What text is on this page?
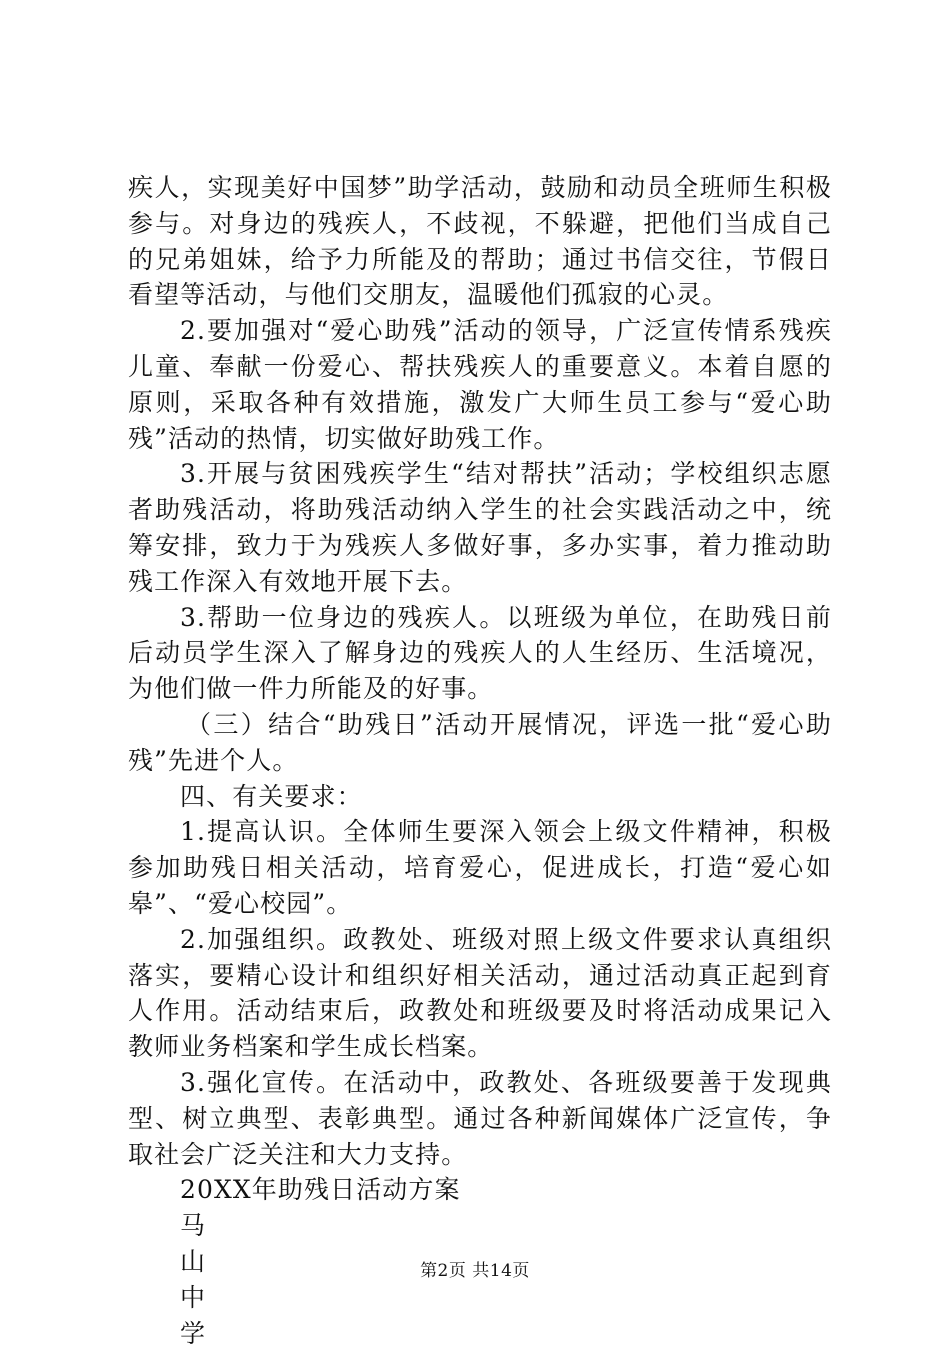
疾人，实现美好中国梦”助学活动，鼓励和动员全班师生积极参与。对身边的残疾人，不歧视，不躲避，把他们当成自己的兄弟姐妹，给予力所能及的帮助；通过书信交往，节假日看望等活动，与他们交朋友，温暖他们孤寂的心灵。

2.要加强对“爱心助残”活动的领导，广泛宣传情系残疾儿童、奉献一份爱心、帮扶残疾人的重要意义。本着自愿的原则，采取各种有效措施，激发广大师生员工参与“爱心助残”活动的热情，切实做好助残工作。

3.开展与贫困残疾学生“结对帮扶”活动；学校组织志愿者助残活动，将助残活动纳入学生的社会实践活动之中，统筹安排，致力于为残疾人多做好事，多办实事，着力推动助残工作深入有效地开展下去。

3.帮助一位身边的残疾人。以班级为单位，在助残日前后动员学生深入了解身边的残疾人的人生经历、生活境况，为他们做一件力所能及的好事。

（三）结合“助残日”活动开展情况，评选一批“爱心助残”先进个人。

四、有关要求：

1.提高认识。全体师生要深入领会上级文件精神，积极参加助残日相关活动，培育爱心，促进成长，打造“爱心如皋”、“爱心校园”。

2.加强组织。政教处、班级对照上级文件要求认真组织落实，要精心设计和组织好相关活动，通过活动真正起到育人作用。活动结束后，政教处和班级要及时将活动成果记入教师业务档案和学生成长档案。

3.强化宣传。在活动中，政教处、各班级要善于发现典型、树立典型、表彰典型。通过各种新闻媒体广泛宣传，争取社会广泛关注和大力支持。

20XX年助残日活动方案

马

山

中

学

第2页 共14页
